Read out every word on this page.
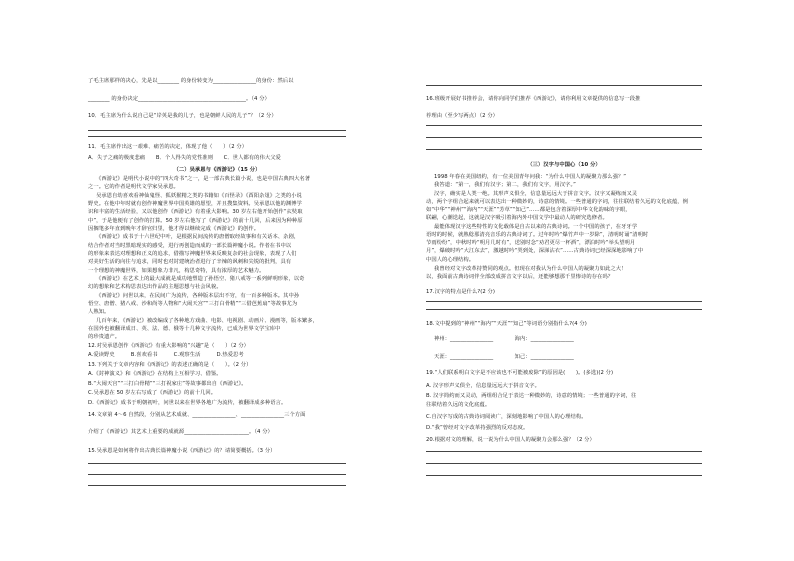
了毛主席那样的决心，先是以________ 的身份转变为________________的身份：然后以
________ 的身份决定________________________________________。（4 分）
10．毛主席为什么说自己是“岸英是我的儿子，也是朝鲜人民的儿子”？（2 分）
11．毛主席作出这一艰难、痛苦的决定，体现了他（　　）（2 分）
A．失子之痛的极度悲痛　　B．个人得失的党性准则　　C．世人都有的伟大父爱
（二）吴承恩与《西游记》（15 分）
《西游记》是明代小说中的“四大奇书”之一，是一部古典长篇小说，也是中国古典四大名著
之一。它的作者是明代文学家吴承恩。
吴承恩自幼喜欢看神仙鬼怪、狐妖猴精之类的书籍如《百怪录》《酉阳杂俎》之类的小说
野史。在他中年时就有创作神魔世界中国英雄的愿望，并且搜集资料。吴承恩以他的渊博学
识和丰富的生活经验，又以他创作《西游记》有着重大影响。30 岁左右他开始创作“玄奘取
中”，于是他便有了创作的打算。50 岁左右他写了《西游记》的前十几回，后来因为种种原
因搁笔多年直到晚年才辞官归里，他才得以继续完成《西游记》的创作。
《西游记》成书于十六世纪中叶，是根据民间流传的唐僧取经故事和有关话本、杂剧，
结合作者对当时黑暗现实的感受，进行再创造而成的一部长篇神魔小说。作者在书中以
的形象来表达对理想和正义的追求，借描写神魔世界来反映复杂的社会现象，表现了人们
对美好生活的向往与追求，同时也对封建统治者进行了辛辣的讽刺和尖锐的批判，具有
一个理想的神魔世界，如果想象力非凡，构思奇特，具有浓厚的艺术魅力。
《西游记》在艺术上的最大成就是成功地塑造了孙悟空、猪八戒等一系列鲜明形象，以奇
幻的想象和艺术构思表达出作品的主题思想与社会风貌。
《西游记》问世以来，在民间广为流传，各种版本层出不穷，有一百多种版本。其中孙
悟空、唐僧、猪八戒、沙和尚等人物和“大闹天宫”“三打白骨精”“三借芭蕉扇”等故事尤为
人熟知。
几百年来，《西游记》被改编成了各种地方戏曲、电影、电视剧、动画片、漫画等，版本繁多，
在国外也被翻译成日、英、法、德、俄等十几种文字流传，已成为世界文学宝库中
的珍贵遗产。
12.对吴承恩创作《西游记》有重大影响的“兴趣”是（　　）（2 分）
A.爱读野史　　　B.喜欢看书　　　C.观察生活　　　D.热爱思考
13.下列关于文章内容和《西游记》的表述正确的是（　　）。（2 分）
A.《封神演义》和《西游记》在结构上互相学习、借鉴。
B.“大闹天宫”“三打白骨精”“三打祝家庄”等故事都出自《西游记》。
C.吴承恩在 50 岁左右写成了《西游记》的前十几回。
D.《西游记》成书于明朝初叶，问世以来在世界各地广为流传，被翻译成多种语言。
14.文章第 4～6 自然段，分别从艺术成就、________________、________________三个方面
介绍了《西游记》其艺术上重要的成就源________________________。（4 分）
15.吴承恩是如何将作出古典长篇神魔小说《西游记》的？请简要概括。（3 分）
16.班级开展好书推荐会，请你向同学们推荐《西游记》，请你利用文章提供的信息写一段推
荐理由（至少写两点）（2 分）
（三）汉字与中国心（10 分）
1998 年春在美国纽约，有一位美国青年问我：“为什么中国人的凝聚力那么强？”
我答道：“第一，我们有汉字；第二，我们有文字，用汉字。”
汉字，确实是人类一绝。其形声义俱全，信息量远远大于拼音文字。汉字又凝练而又灵
动，两个字组合起来就可以表达出一种微妙的，诗意的情境。一些普通的字词，往往联结着久远的文化底蕴，例
如“中华”“神州”“海内”“天涯”“芳草”“知己”……都是包含着深厚中华文化韵味的字眼，
联翩，心潮迭起，这就是汉字吸引着海内外中国文学中最动人的研究选修者。
最能体现汉字这些特性的文化载体是自古以来的古典诗词。一个中国的孩子，在牙牙学
语时的时候，就熟稔那清亮音乐的古典诗词了。过年时吟“爆竹声中一岁除”，清明时诵“清明时
节雨纷纷”，中秋时吟“明月几时有”，送别时念“劝君更尽一杯酒”，漂泊时吟“举头望明月
月”，爆破时吟“大江东去”，激越时吟“哭到处，深涕沾衣”……古典诗词已经深深地影响了中
中国人的心理结构。
我曾经对文字改革持赞同的观点。但现在对我认为什么中国人的凝聚力如此之大！
以，我面前古典诗词伴全部改成拼音文字以后，还能够想那千里惨诗的存在吗？
17.汉字的特点是什么?(2 分)
18.文中提到的“神州”“海内”“天涯”“知己”等词语分别指什么?(4 分)
神州：________________　　　　海内：________________
天涯：________________　　　　知己：________________
19.“人们联系明白文字是不应该也不可能被废除”的原因是(　　)。(多选)(2 分)
A. 汉字形声义俱全，信息量远远大于拼音文字。
B. 汉字简约而又灵动，两组组合足于表达一种微妙的，诗意的情境；一些普通的字词，往
往联结着久远的文化底蕴。
C.自汉字写成的古典诗词阅读广，深刻地影响了中国人的心理结构。
D.“我”曾经对文字改革持强烈的反对态度。
20.根据对文的理解，说一说为什么中国人的凝聚力会那么强？（2 分）
